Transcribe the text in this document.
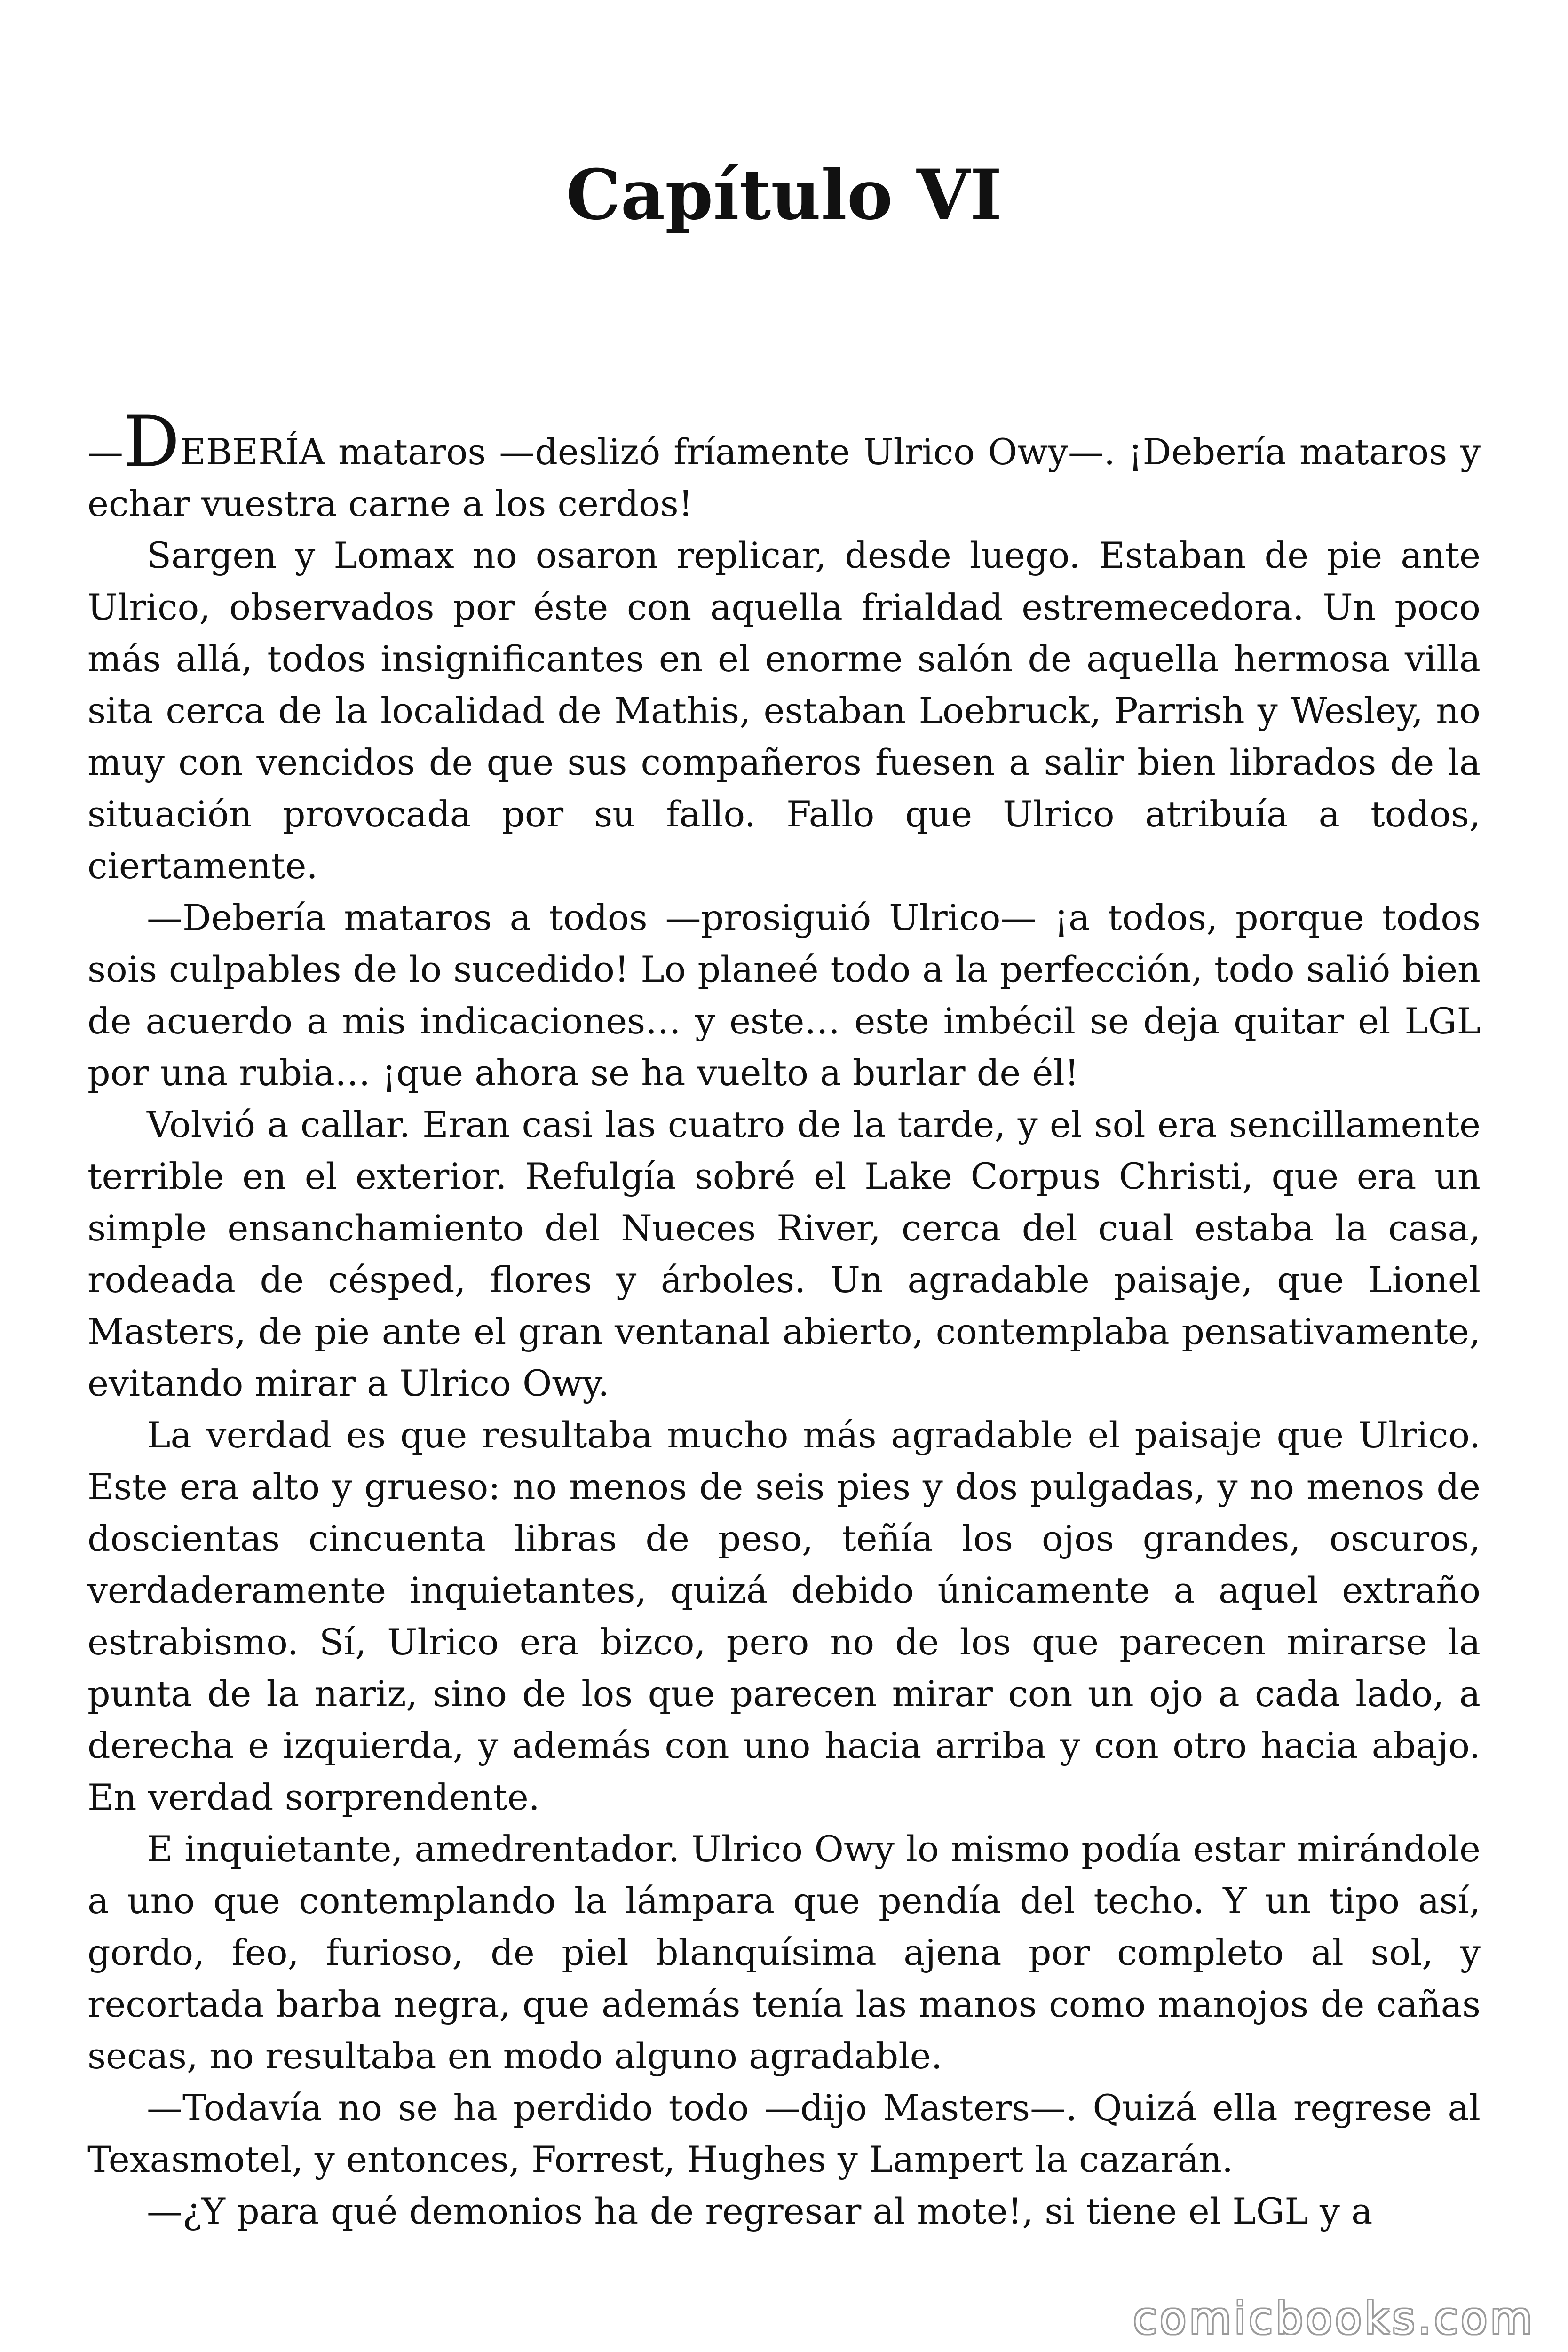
Capítulo VI

—DEBERÍA mataros —deslizó fríamente Ulrico Owy—. ¡Debería mataros y echar vuestra carne a los cerdos!

Sargen y Lomax no osaron replicar, desde luego. Estaban de pie ante Ulrico, observados por éste con aquella frialdad estremecedora. Un poco más allá, todos insignificantes en el enorme salón de aquella hermosa villa sita cerca de la localidad de Mathis, estaban Loebruck, Parrish y Wesley, no muy con vencidos de que sus compañeros fuesen a salir bien librados de la situación provocada por su fallo. Fallo que Ulrico atribuía a todos, ciertamente.

—Debería mataros a todos —prosiguió Ulrico— ¡a todos, porque todos sois culpables de lo sucedido! Lo planeé todo a la perfección, todo salió bien de acuerdo a mis indicaciones… y este… este imbécil se deja quitar el LGL por una rubia… ¡que ahora se ha vuelto a burlar de él!

Volvió a callar. Eran casi las cuatro de la tarde, y el sol era sencillamente terrible en el exterior. Refulgía sobré el Lake Corpus Christi, que era un simple ensanchamiento del Nueces River, cerca del cual estaba la casa, rodeada de césped, flores y árboles. Un agradable paisaje, que Lionel Masters, de pie ante el gran ventanal abierto, contemplaba pensativamente, evitando mirar a Ulrico Owy.

La verdad es que resultaba mucho más agradable el paisaje que Ulrico. Este era alto y grueso: no menos de seis pies y dos pulgadas, y no menos de doscientas cincuenta libras de peso, teñía los ojos grandes, oscuros, verdaderamente inquietantes, quizá debido únicamente a aquel extraño estrabismo. Sí, Ulrico era bizco, pero no de los que parecen mirarse la punta de la nariz, sino de los que parecen mirar con un ojo a cada lado, a derecha e izquierda, y además con uno hacia arriba y con otro hacia abajo. En verdad sorprendente.

E inquietante, amedrentador. Ulrico Owy lo mismo podía estar mirándole a uno que contemplando la lámpara que pendía del techo. Y un tipo así, gordo, feo, furioso, de piel blanquísima ajena por completo al sol, y recortada barba negra, que además tenía las manos como manojos de cañas secas, no resultaba en modo alguno agradable.

—Todavía no se ha perdido todo —dijo Masters—. Quizá ella regrese al Texasmotel, y entonces, Forrest, Hughes y Lampert la cazarán.

—¿Y para qué demonios ha de regresar al mote!, si tiene el LGL y a

comicbooks.com
